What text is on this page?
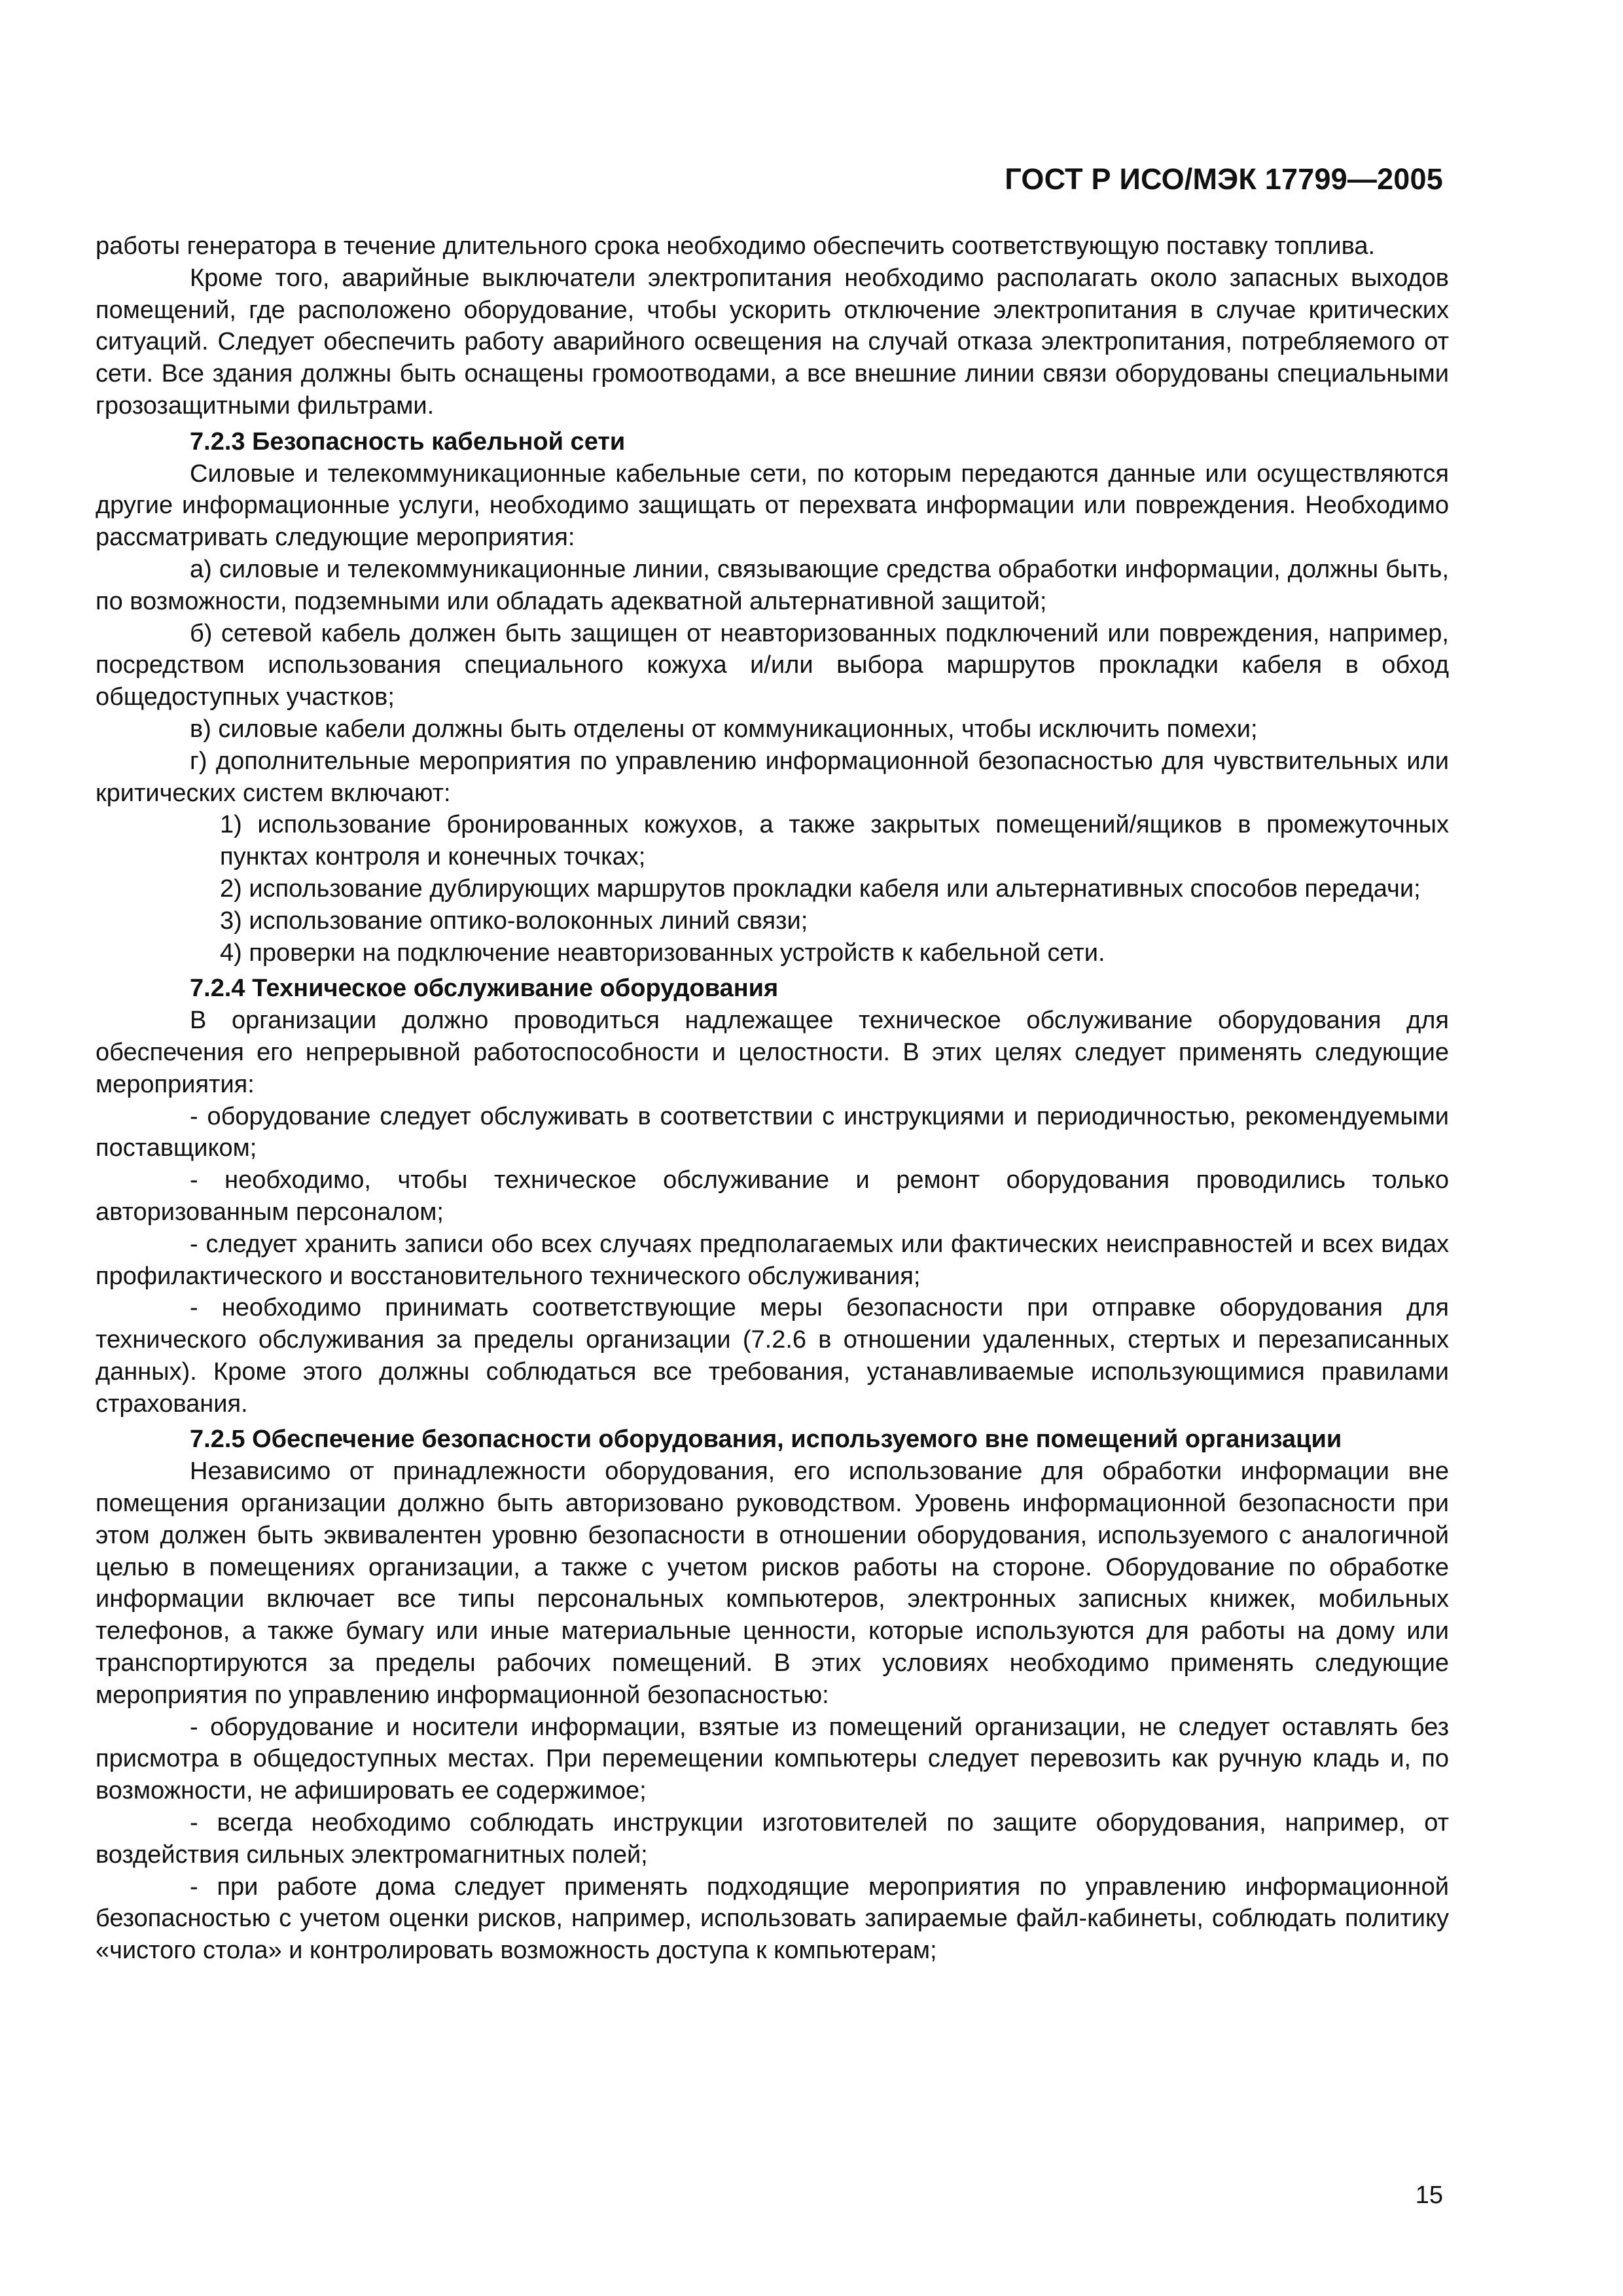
ГОСТ Р ИСО/МЭК 17799—2005

работы генератора в течение длительного срока необходимо обеспечить соответствующую поставку топлива.

Кроме того, аварийные выключатели электропитания необходимо располагать около запасных выходов помещений, где расположено оборудование, чтобы ускорить отключение электропитания в случае критических ситуаций. Следует обеспечить работу аварийного освещения на случай отказа электропитания, потребляемого от сети. Все здания должны быть оснащены громоотводами, а все внешние линии связи оборудованы специальными грозозащитными фильтрами.

7.2.3 Безопасность кабельной сети

Силовые и телекоммуникационные кабельные сети, по которым передаются данные или осуществляются другие информационные услуги, необходимо защищать от перехвата информации или повреждения. Необходимо рассматривать следующие мероприятия:

а) силовые и телекоммуникационные линии, связывающие средства обработки информации, должны быть, по возможности, подземными или обладать адекватной альтернативной защитой;

б) сетевой кабель должен быть защищен от неавторизованных подключений или повреждения, например, посредством использования специального кожуха и/или выбора маршрутов прокладки кабеля в обход общедоступных участков;

в) силовые кабели должны быть отделены от коммуникационных, чтобы исключить помехи;

г) дополнительные мероприятия по управлению информационной безопасностью для чувствительных или критических систем включают:

1) использование бронированных кожухов, а также закрытых помещений/ящиков в промежуточных пунктах контроля и конечных точках;

2) использование дублирующих маршрутов прокладки кабеля или альтернативных способов передачи;

3) использование оптико-волоконных линий связи;

4) проверки на подключение неавторизованных устройств к кабельной сети.

7.2.4 Техническое обслуживание оборудования

В организации должно проводиться надлежащее техническое обслуживание оборудования для обеспечения его непрерывной работоспособности и целостности. В этих целях следует применять следующие мероприятия:

- оборудование следует обслуживать в соответствии с инструкциями и периодичностью, рекомендуемыми поставщиком;

- необходимо, чтобы техническое обслуживание и ремонт оборудования проводились только авторизованным персоналом;

- следует хранить записи обо всех случаях предполагаемых или фактических неисправностей и всех видах профилактического и восстановительного технического обслуживания;

- необходимо принимать соответствующие меры безопасности при отправке оборудования для технического обслуживания за пределы организации (7.2.6 в отношении удаленных, стертых и перезаписанных данных). Кроме этого должны соблюдаться все требования, устанавливаемые использующимися правилами страхования.

7.2.5 Обеспечение безопасности оборудования, используемого вне помещений организации

Независимо от принадлежности оборудования, его использование для обработки информации вне помещения организации должно быть авторизовано руководством. Уровень информационной безопасности при этом должен быть эквивалентен уровню безопасности в отношении оборудования, используемого с аналогичной целью в помещениях организации, а также с учетом рисков работы на стороне. Оборудование по обработке информации включает все типы персональных компьютеров, электронных записных книжек, мобильных телефонов, а также бумагу или иные материальные ценности, которые используются для работы на дому или транспортируются за пределы рабочих помещений. В этих условиях необходимо применять следующие мероприятия по управлению информационной безопасностью:

- оборудование и носители информации, взятые из помещений организации, не следует оставлять без присмотра в общедоступных местах. При перемещении компьютеры следует перевозить как ручную кладь и, по возможности, не афишировать ее содержимое;

- всегда необходимо соблюдать инструкции изготовителей по защите оборудования, например, от воздействия сильных электромагнитных полей;

- при работе дома следует применять подходящие мероприятия по управлению информационной безопасностью с учетом оценки рисков, например, использовать запираемые файл-кабинеты, соблюдать политику «чистого стола» и контролировать возможность доступа к компьютерам;

15
